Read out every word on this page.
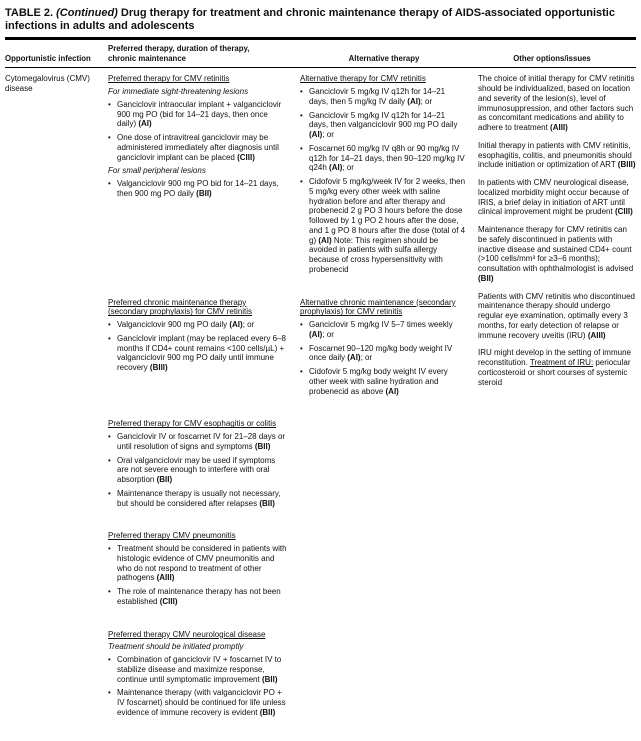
TABLE 2. (Continued) Drug therapy for treatment and chronic maintenance therapy of AIDS-associated opportunistic infections in adults and adolescents
Opportunistic infection
Preferred therapy, duration of therapy,
chronic maintenance	Alternative therapy	Other options/issues
Cytomegalovirus (CMV) disease
The choice of initial therapy for CMV retinitis should be individualized, based on location and severity of the lesion(s), level of immunosuppression, and other factors such as concomitant medications and ability to adhere to treatment (AIII)
Initial therapy in patients with CMV retinitis, esophagitis, colitis, and pneumonitis should include initiation or optimization of ART (BIII)
In patients with CMV neurological disease, localized morbidity might occur because of IRIS, a brief delay in initiation of ART until clinical improvement might be prudent (CIII)
Maintenance therapy for CMV retinitis can be safely discontinued in patients with inactive disease and sustained CD4+ count (>100 cells/mm³ for ≥3–6 months); consultation with ophthalmologist is advised (BII)
Patients with CMV retinitis who discontinued maintenance therapy should undergo regular eye examination, optimally every 3 months, for early detection of relapse or immune recovery uveitis (IRU) (AIII)
IRU might develop in the setting of immune reconstitution. Treatment of IRU: periocular corticosteroid or short courses of systemic steroid
Preferred therapy for CMV retinitis
For immediate sight-threatening lesions
• Ganciclovir intraocular implant + valganciclovir 900 mg PO (bid for 14–21 days, then once daily) (AI)
• One dose of intravitreal ganciclovir may be administered immediately after diagnosis until ganciclovir implant can be placed (CIII)
For small peripheral lesions
• Valganciclovir 900 mg PO bid for 14–21 days, then 900 mg PO daily (BII)
Preferred chronic maintenance therapy (secondary prophylaxis) for CMV retinitis
• Valganciclovir 900 mg PO daily (AI); or
• Ganciclovir implant (may be replaced every 6–8 months if CD4+ count remains <100 cells/µL) + valganciclovir 900 mg PO daily until immune recovery (BIII)
Preferred therapy for CMV esophagitis or colitis
• Ganciclovir IV or foscarnet IV for 21–28 days or until resolution of signs and symptoms (BII)
• Oral valganciclovir may be used if symptoms are not severe enough to interfere with oral absorption (BII)
• Maintenance therapy is usually not necessary, but should be considered after relapses (BII)
Preferred therapy CMV pneumonitis
• Treatment should be considered in patients with histologic evidence of CMV pneumonitis and who do not respond to treatment of other pathogens (AIII)
• The role of maintenance therapy has not been established (CIII)
Preferred therapy CMV neurological disease
Treatment should be initiated promptly
• Combination of ganciclovir IV + foscarnet IV to stabilize disease and maximize response, continue until symptomatic improvement (BII)
• Maintenance therapy (with valganciclovir PO + IV foscarnet) should be continued for life unless evidence of immune recovery is evident (BII)
Alternative therapy for CMV retinitis
• Ganciclovir 5 mg/kg IV q12h for 14–21 days, then 5 mg/kg IV daily (AI); or
• Ganciclovir 5 mg/kg IV q12h for 14–21 days, then valganciclovir 900 mg PO daily (AI); or
• Foscarnet 60 mg/kg IV q8h or 90 mg/kg IV q12h for 14–21 days, then 90–120 mg/kg IV q24h (AI); or
• Cidofovir 5 mg/kg/week IV for 2 weeks, then 5 mg/kg every other week with saline hydration before and after therapy and probenecid 2 g PO 3 hours before the dose followed by 1 g PO 2 hours after the dose, and 1 g PO 8 hours after the dose (total of 4 g) (AI) Note: This regimen should be avoided in patients with sulfa allergy because of cross hypersensitivity with probenecid
Alternative chronic maintenance (secondary prophylaxis) for CMV retinitis
• Ganciclovir 5 mg/kg IV 5–7 times weekly (AI); or
• Foscarnet 90–120 mg/kg body weight IV once daily (AI); or
• Cidofovir 5 mg/kg body weight IV every other week with saline hydration and probenecid as above (AI)
